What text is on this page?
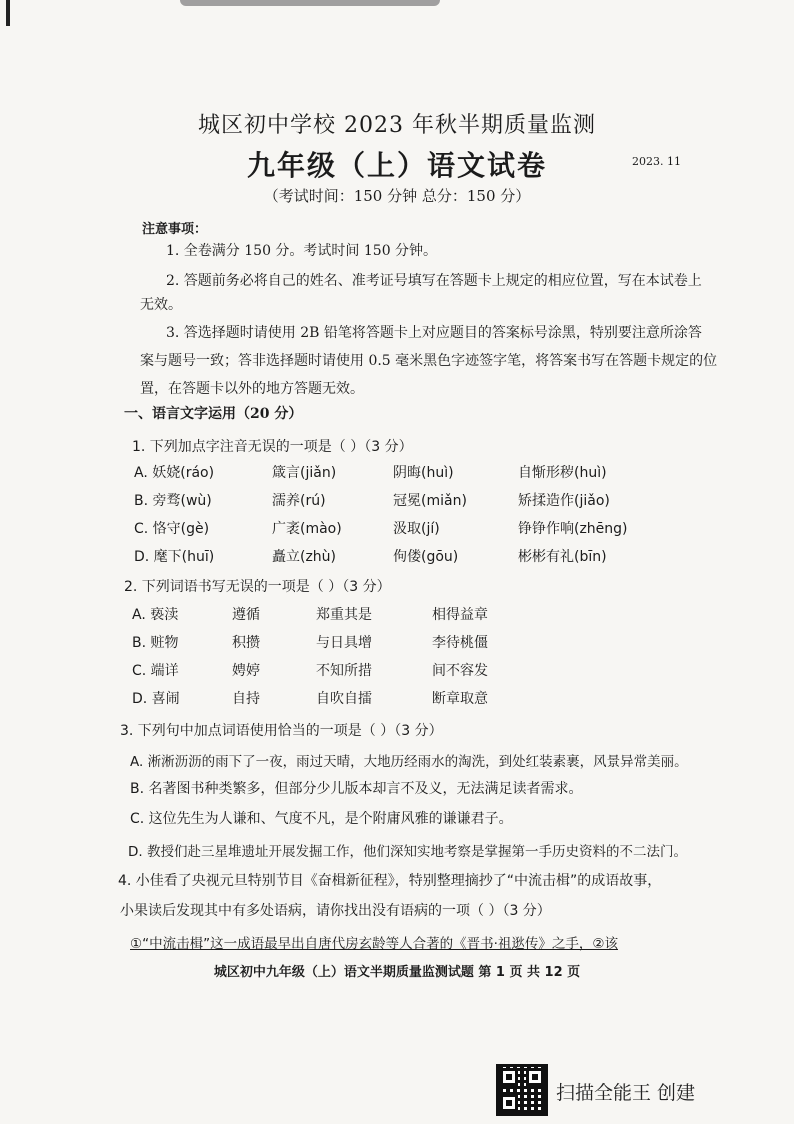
城区初中学校 2023 年秋半期质量监测
九年级（上）语文试卷	2023. 11
（考试时间：150 分钟 总分：150 分）
注意事项：
1. 全卷满分 150 分。考试时间 150 分钟。
2. 答题前务必将自己的姓名、准考证号填写在答题卡上规定的相应位置，写在本试卷上
无效。
3. 答选择题时请使用 2B 铅笔将答题卡上对应题目的答案标号涂黑，特别要注意所涂答
案与题号一致；答非选择题时请使用 0.5 毫米黑色字迹签字笔，将答案书写在答题卡规定的位
置，在答题卡以外的地方答题无效。
一、语言文字运用（20 分）
1. 下列加点字注音无误的一项是（ ）（3 分）
A. 妖娆(ráo)	箴言(jiǎn)	阴晦(huì)	自惭形秽(huì)
B. 旁骛(wù)	濡养(rú)	冠冕(miǎn)	矫揉造作(jiǎo)
C. 恪守(gè)	广袤(mào)	汲取(jí)	铮铮作响(zhēng)
D. 麾下(huī)	矗立(zhù)	佝偻(gōu)	彬彬有礼(bīn)
2. 下列词语书写无误的一项是（ ）（3 分）
A. 亵渎	遵循	郑重其是	相得益章
B. 赃物	积攒	与日具增	李待桃僵
C. 端详	娉婷	不知所措	间不容发
D. 喜闹	自持	自吹自擂	断章取意
3. 下列句中加点词语使用恰当的一项是（ ）（3 分）
A. 淅淅沥沥的雨下了一夜，雨过天晴，大地历经雨水的淘洗，到处红装素裹，风景异常美丽。
B. 名著图书种类繁多，但部分少儿版本却言不及义，无法满足读者需求。
C. 这位先生为人谦和、气度不凡，是个附庸风雅的谦谦君子。
D. 教授们赴三星堆遗址开展发掘工作，他们深知实地考察是掌握第一手历史资料的不二法门。
4. 小佳看了央视元旦特别节目《奋楫新征程》，特别整理摘抄了“中流击楫”的成语故事，
小果读后发现其中有多处语病，请你找出没有语病的一项（ ）（3 分）
①“中流击楫”这一成语最早出自唐代房玄龄等人合著的《晋书·祖逖传》之手，②该
城区初中九年级（上）语文半期质量监测试题 第 1 页 共 12 页
扫描全能王 创建
